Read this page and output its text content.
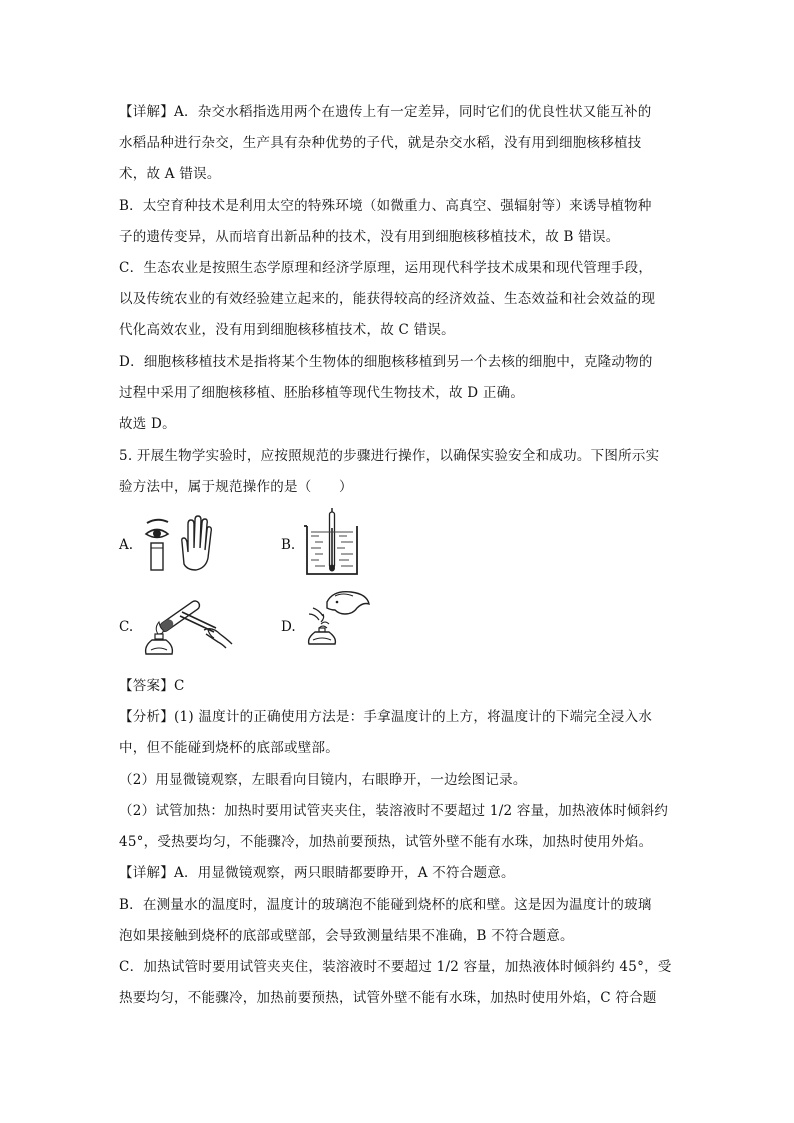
【详解】A．杂交水稻指选用两个在遗传上有一定差异，同时它们的优良性状又能互补的
水稻品种进行杂交，生产具有杂种优势的子代，就是杂交水稻，没有用到细胞核移植技
术，故 A 错误。
B．太空育种技术是利用太空的特殊环境（如微重力、高真空、强辐射等）来诱导植物种
子的遗传变异，从而培育出新品种的技术，没有用到细胞核移植技术，故 B 错误。
C．生态农业是按照生态学原理和经济学原理，运用现代科学技术成果和现代管理手段，
以及传统农业的有效经验建立起来的，能获得较高的经济效益、生态效益和社会效益的现
代化高效农业，没有用到细胞核移植技术，故 C 错误。
D．细胞核移植技术是指将某个生物体的细胞核移植到另一个去核的细胞中，克隆动物的
过程中采用了细胞核移植、胚胎移植等现代生物技术，故 D 正确。
故选 D。
5. 开展生物学实验时，应按照规范的步骤进行操作，以确保实验安全和成功。下图所示实
验方法中，属于规范操作的是（　　）
A.	B.
C.	D.
【答案】C
【分析】(1) 温度计的正确使用方法是：手拿温度计的上方，将温度计的下端完全浸入水
中，但不能碰到烧杯的底部或壁部。
（2）用显微镜观察，左眼看向目镜内，右眼睁开，一边绘图记录。
（2）试管加热：加热时要用试管夹夹住，装溶液时不要超过 1/2 容量，加热液体时倾斜约
45°，受热要均匀，不能骤冷，加热前要预热，试管外壁不能有水珠，加热时使用外焰。
【详解】A．用显微镜观察，两只眼睛都要睁开，A 不符合题意。
B．在测量水的温度时，温度计的玻璃泡不能碰到烧杯的底和壁。这是因为温度计的玻璃
泡如果接触到烧杯的底部或壁部，会导致测量结果不准确，B 不符合题意。
C．加热试管时要用试管夹夹住，装溶液时不要超过 1/2 容量，加热液体时倾斜约 45°，受
热要均匀，不能骤冷，加热前要预热，试管外壁不能有水珠，加热时使用外焰，C 符合题
